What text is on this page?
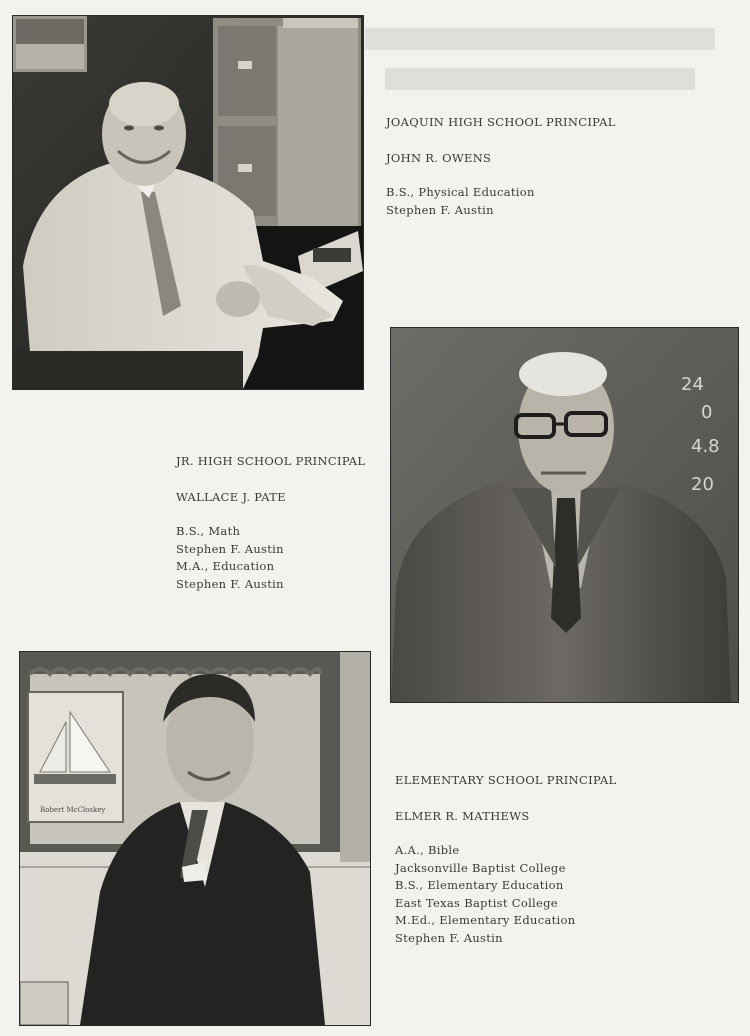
JOAQUIN HIGH SCHOOL PRINCIPAL
JOHN R. OWENS
B.S., Physical Education
Stephen F. Austin
24
0
4.8
20
JR. HIGH SCHOOL PRINCIPAL
WALLACE J. PATE
B.S., Math
Stephen F. Austin
M.A., Education
Stephen F. Austin
Robert McCloskey
ELEMENTARY SCHOOL PRINCIPAL
ELMER R. MATHEWS
A.A., Bible
Jacksonville Baptist College
B.S., Elementary Education
East Texas Baptist College
M.Ed., Elementary Education
Stephen F. Austin
